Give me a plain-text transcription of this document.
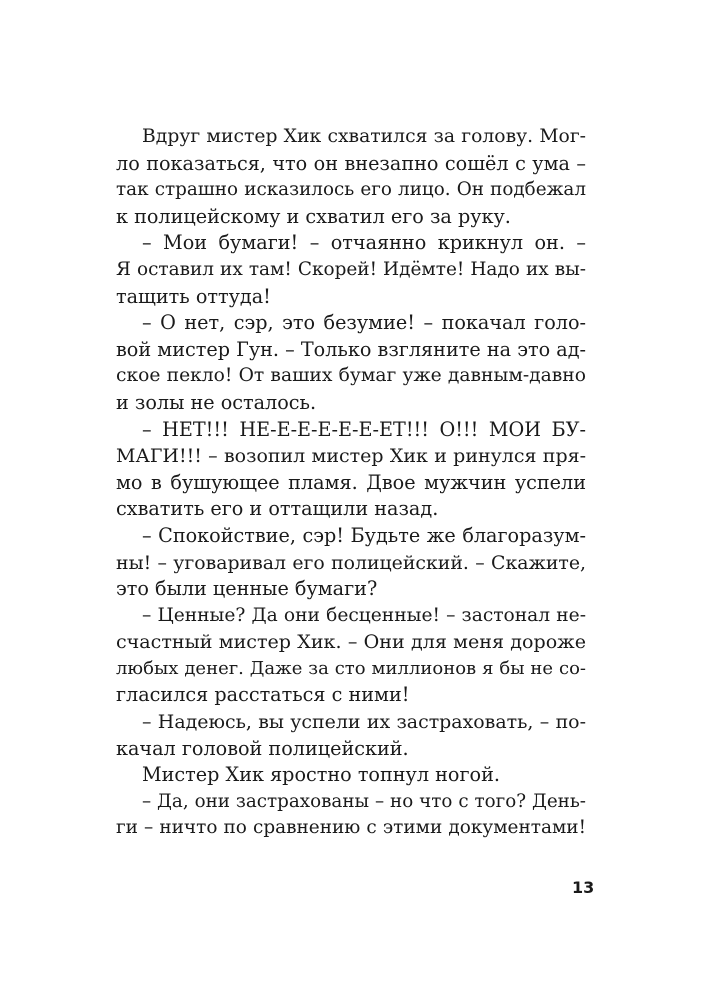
Вдруг мистер Хик схватился за голову. Мог-
ло показаться, что он внезапно сошёл с ума –
так страшно исказилось его лицо. Он подбежал
к полицейскому и схватил его за руку.
– Мои бумаги! – отчаянно крикнул он. –
Я оставил их там! Скорей! Идёмте! Надо их вы-
тащить оттуда!
– О нет, сэр, это безумие! – покачал голо-
вой мистер Гун. – Только взгляните на это ад-
ское пекло! От ваших бумаг уже давным-давно
и золы не осталось.
– НЕТ!!! НЕ-Е-Е-Е-Е-Е-ЕТ!!! О!!! МОИ БУ-
МАГИ!!! – возопил мистер Хик и ринулся пря-
мо в бушующее пламя. Двое мужчин успели
схватить его и оттащили назад.
– Спокойствие, сэр! Будьте же благоразум-
ны! – уговаривал его полицейский. – Скажите,
это были ценные бумаги?
– Ценные? Да они бесценные! – застонал не-
счастный мистер Хик. – Они для меня дороже
любых денег. Даже за сто миллионов я бы не со-
гласился расстаться с ними!
– Надеюсь, вы успели их застраховать, – по-
качал головой полицейский.
Мистер Хик яростно топнул ногой.
– Да, они застрахованы – но что с того? День-
ги – ничто по сравнению с этими документами!
13
